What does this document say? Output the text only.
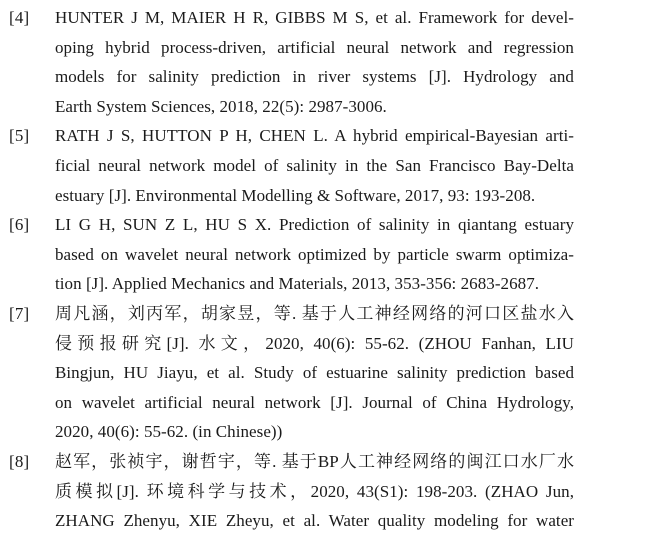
[4] HUNTER J M, MAIER H R, GIBBS M S, et al. Framework for devel-
oping hybrid process-driven, artificial neural network and regression
models for salinity prediction in river systems [J]. Hydrology and
Earth System Sciences, 2018, 22(5): 2987-3006.
[5] RATH J S, HUTTON P H, CHEN L. A hybrid empirical-Bayesian arti-
ficial neural network model of salinity in the San Francisco Bay-Delta
estuary [J]. Environmental Modelling & Software, 2017, 93: 193-208.
[6] LI G H, SUN Z L, HU S X. Prediction of salinity in qiantang estuary
based on wavelet neural network optimized by particle swarm optimiza-
tion [J]. Applied Mechanics and Materials, 2013, 353-356: 2683-2687.
[7] 周凡涵，刘丙军，胡家昱，等. 基于人工神经网络的河口区盐水入
侵预报研究[J]. 水文，2020, 40(6): 55-62. (ZHOU Fanhan, LIU
Bingjun, HU Jiayu, et al. Study of estuarine salinity prediction based
on wavelet artificial neural network [J]. Journal of China Hydrology,
2020, 40(6): 55-62. (in Chinese))
[8] 赵军，张祯宇，谢哲宇，等. 基于BP人工神经网络的闽江口水厂水
质模拟[J]. 环境科学与技术，2020, 43(S1): 198-203. (ZHAO Jun,
ZHANG Zhenyu, XIE Zheyu, et al. Water quality modeling for water
